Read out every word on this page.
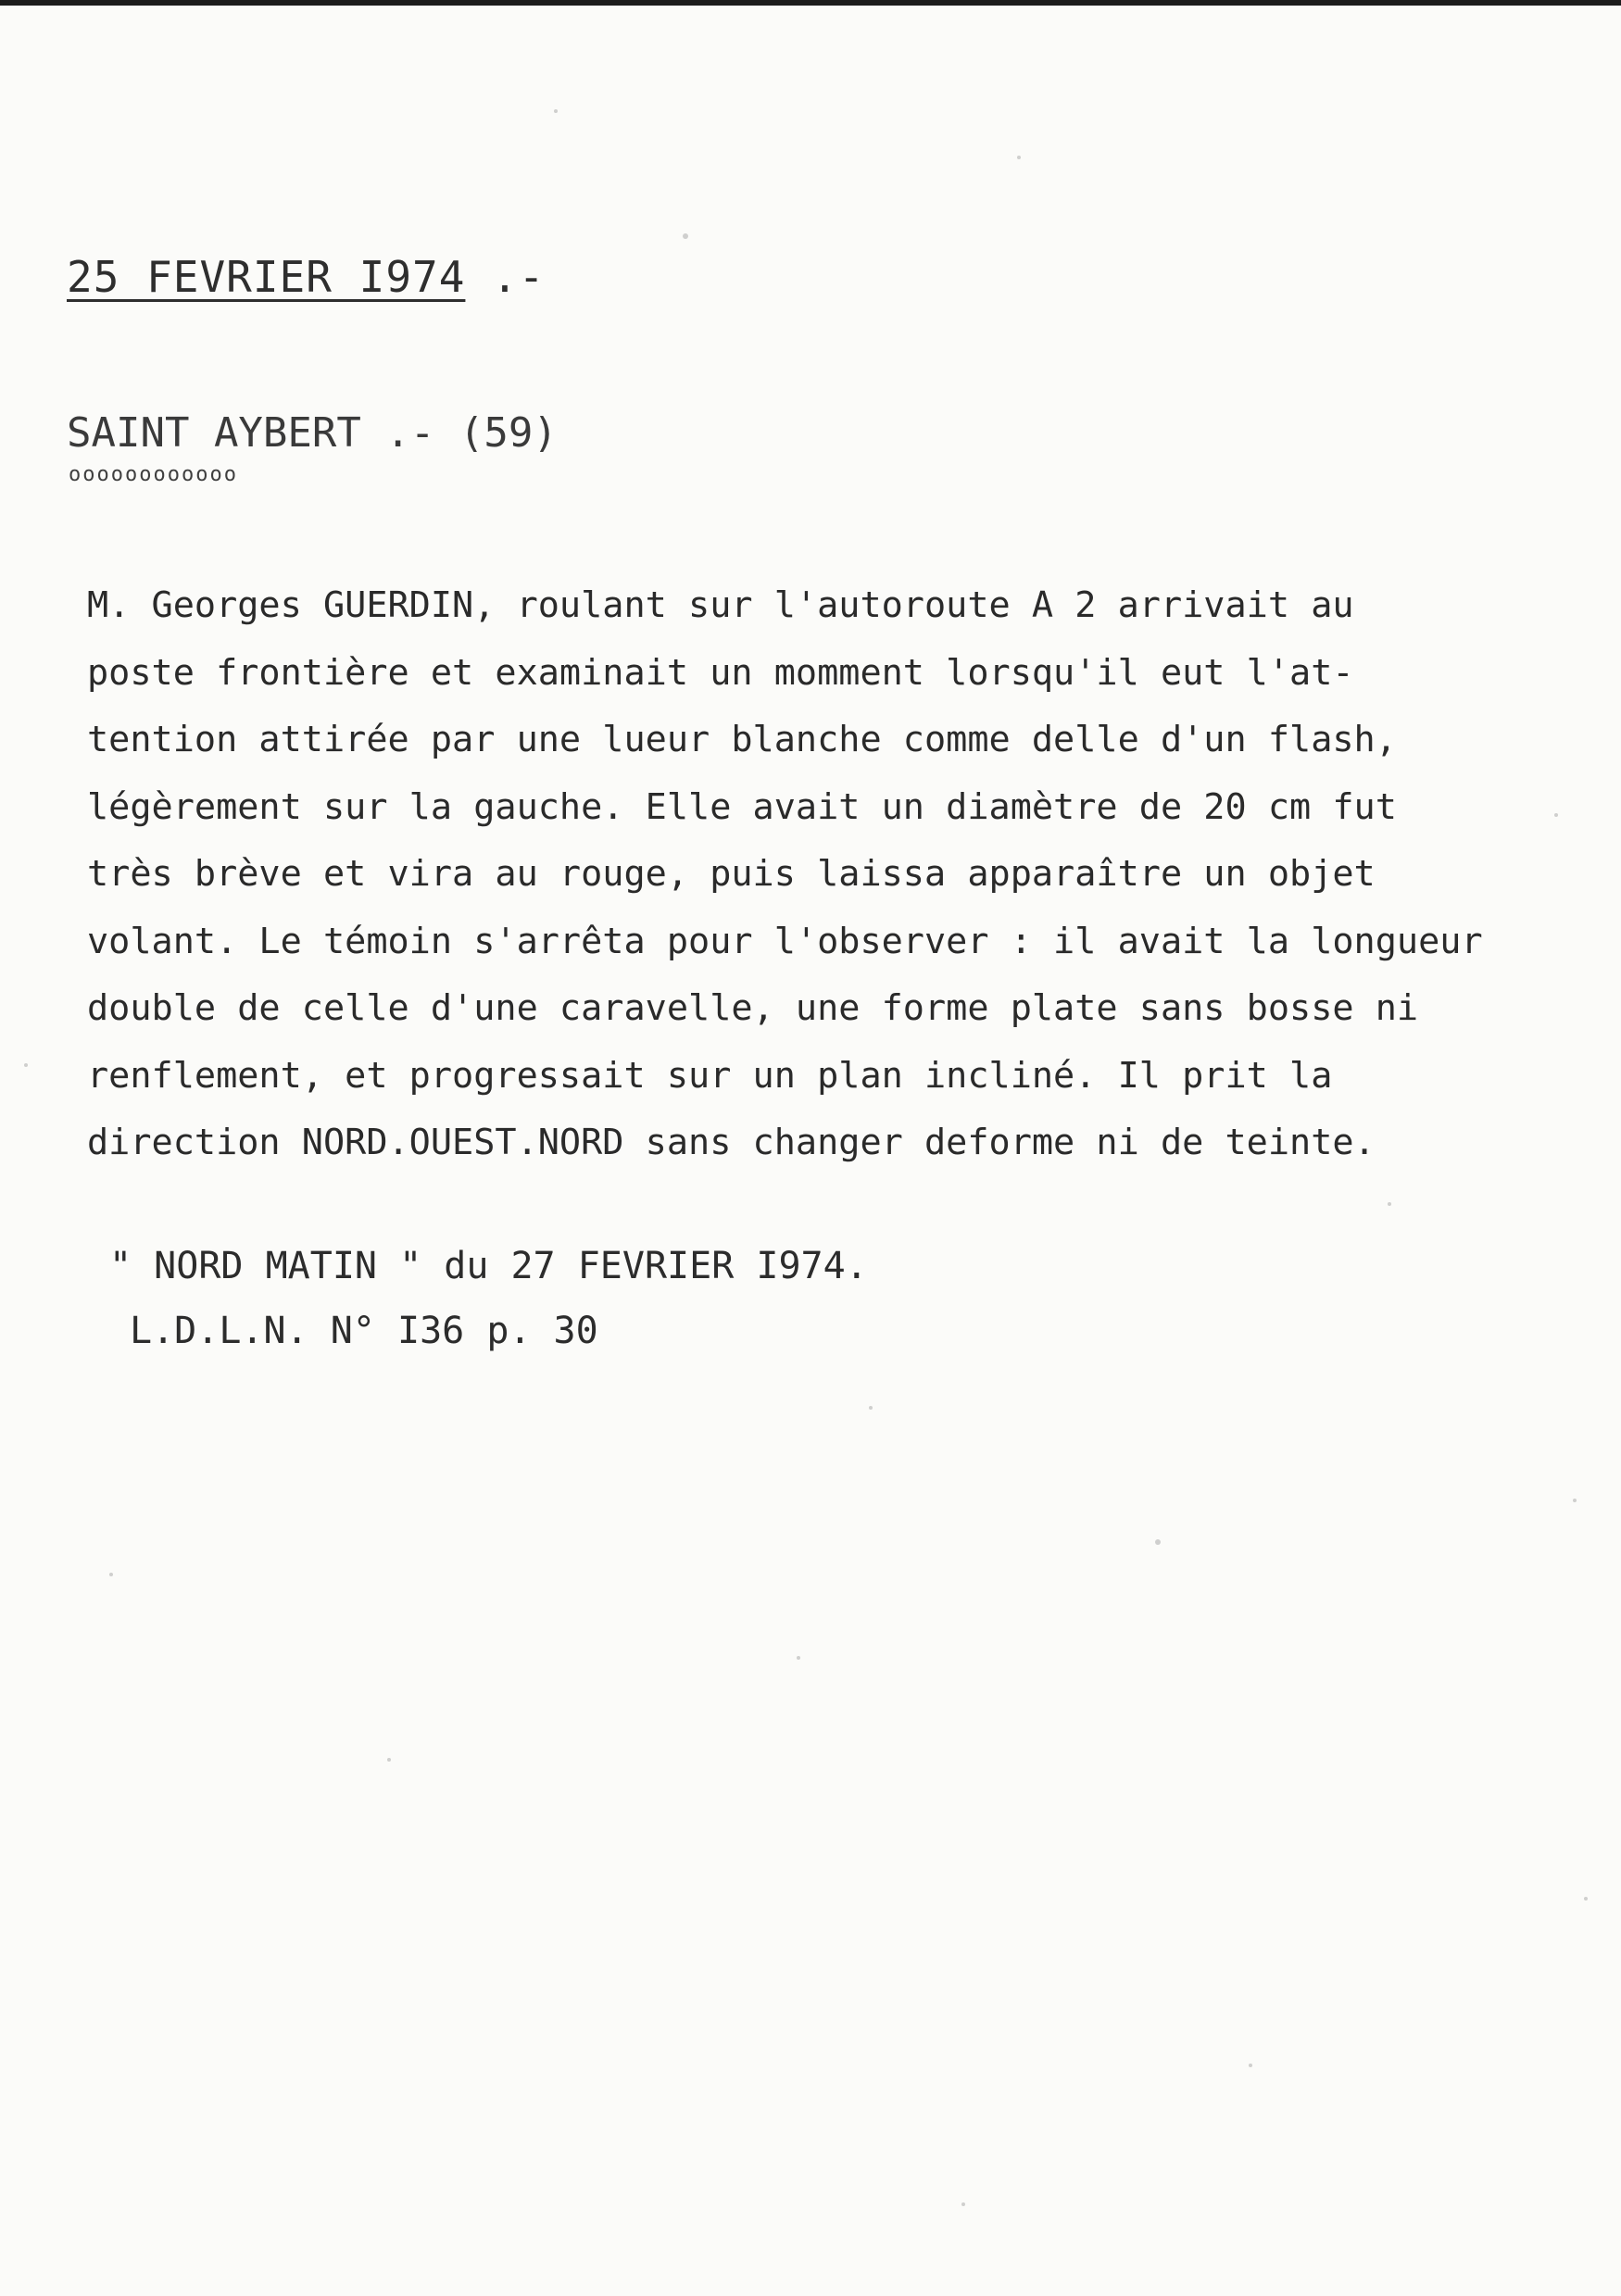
25 FEVRIER I974 .-
SAINT AYBERT .- (59)
oooooooooooo
M. Georges GUERDIN, roulant sur l'autoroute A 2 arrivait au
poste frontière et examinait un momment lorsqu'il eut l'at-
tention attirée par une lueur blanche comme delle d'un flash,
légèrement sur la gauche. Elle avait un diamètre de 20 cm fut
très brève et vira au rouge, puis laissa apparaître un objet
volant. Le témoin s'arrêta pour l'observer : il avait la longueur
double de celle d'une caravelle, une forme plate sans bosse ni
renflement, et progressait sur un plan incliné. Il prit la
direction NORD.OUEST.NORD sans changer deforme ni de teinte.
" NORD MATIN " du 27 FEVRIER I974.
L.D.L.N. N° I36 p. 30
